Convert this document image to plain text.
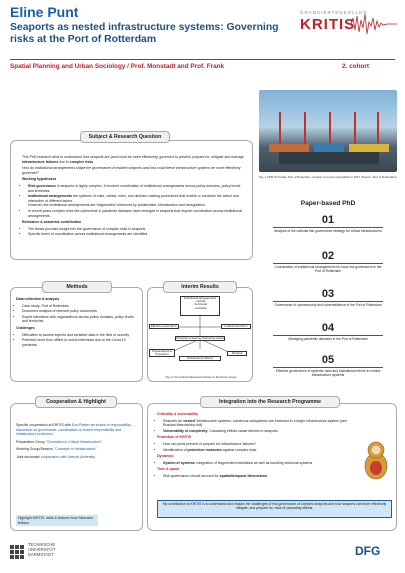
Eline Punt
Seaports as nested infrastructure systems: Governing risks at the Port of Rotterdam
GRADUIERTENKOLLEG
KRITIS
Spatial Planning and Urban Sociology / Prof. Monstadt and Prof. Frank	2. cohort
Subject & Research Question

This PhD research aims to understand how seaports are (and could be more effectively) governed to prevent, prepare for, mitigate and manage infrastructure failures due to complex risks

How do institutional arrangements shape the governance of resilient seaports and how could these infrastructure systems be more effectively governed?

Working hypotheses

• Risk governance in seaports is highly complex. It involves coordination of institutional arrangements across policy domains, policy levels and territories.
• Institutional arrangements are systems of rules, values, rules, and decision-making procedures that enable or constrain the action and interaction of different actors.
However, the institutional arrangements are 'fragmented' reinforced by privatization, liberalization and deregulation.
• In recent years complex risks like cybercrime & pandemic diseases have emerged in seaports that require coordination across institutional arrangements.

Relevance & academic contribution

• The thesis provides insight into the governance of complex risks in seaports
• Specific forms of coordination across institutional arrangements are identified.
Fig. 1 APM Terminals, Port of Rotterdam, location of recent cyberattack in 2017 (Source: Port of Rotterdam)
Paper-based PhD
01
Analysis of the national risk governance strategy for critical infrastructures
02
Coordination of institutional arrangements for flood risk governance in the Port of Rotterdam
03
Governance of cybersecurity and cyberresilience in the Port of Rotterdam
04
Managing pandemic diseases in the Port of Rotterdam
05
Effective governance of systemic risks and institutional reform in nested infrastructure systems
Methods

Data collection & analysis

• Case study: Port of Rotterdam
• Document analysis of relevant policy documents
• Expert interviews with organizations across policy domains, policy levels and territories

Challenges

• Difficulties to access experts and sensitive data in the field of security
• Potential move from offline to online interviews due to the Covid-19 pandemic
Interim Results
Institutional arrangements
- vertical
- horizontal
- territorial
Effective governance	Institutional reform
Protection measures defined by actors
Preparedness & Prevention	Demand
Infrastructure failures
Fig. 2 Conceptual framework based on literature review
Cooperation & Highlight

Specific cooperation at KRITIS with Eva Platzer on scales of responsibility – discussion on governance, coordination of shared responsibility and infrastructure protection

Preparation Group "Circulation in Critical Infrastructure"

Working Group/Session "Concepts of Infrastructure"

Joint doctorate/ cooperation with Utrecht University

Highlight KRITIS: visits & lectures from Mercator fellows
Integration into the Research Programme

Criticality & vulnerability

• Seaports as 'nested' infrastructure systems: numerous subsystems are enclosed in a larger infrastructure-system (see: Russian Matroschka doll)
• Vulnerability of complexity: Cascading effects cause failures in seaports

Protection of KRITIS

• How can ports prevent or prepare for infrastructure failures?
• Identification of protection measures against complex risks

Dynamics

• System of systems: integration of fragmented institutions as well as bundling technical systems

Time & space

• Risk governance should account for spatial/temporal dimensions.
My contribution to KRITIS is to understand and explain the challenges of risk governance of complex seaports and how seaports can more effectively mitigate, and prepare for, risks of cascading effects.
TECHNISCHE
UNIVERSITÄT
DARMSTADT	DFG
